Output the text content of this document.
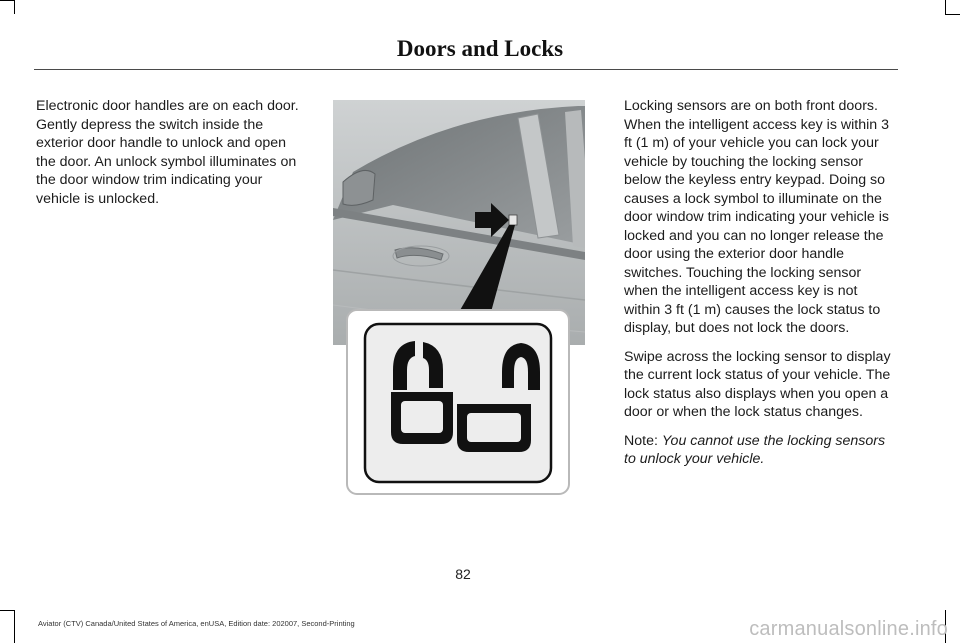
Doors and Locks

Electronic door handles are on each door. Gently depress the switch inside the exterior door handle to unlock and open the door. An unlock symbol illuminates on the door window trim indicating your vehicle is unlocked.

Locking sensors are on both front doors. When the intelligent access key is within 3 ft (1 m) of your vehicle you can lock your vehicle by touching the locking sensor below the keyless entry keypad. Doing so causes a lock symbol to illuminate on the door window trim indicating your vehicle is locked and you can no longer release the door using the exterior door handle switches. Touching the locking sensor when the intelligent access key is not within 3 ft (1 m) causes the lock status to display, but does not lock the doors.

Swipe across the locking sensor to display the current lock status of your vehicle. The lock status also displays when you open a door or when the lock status changes.

Note: You cannot use the locking sensors to unlock your vehicle.

82
Aviator (CTV) Canada/United States of America, enUSA, Edition date: 202007, Second-Printing	carmanualsonline.info
